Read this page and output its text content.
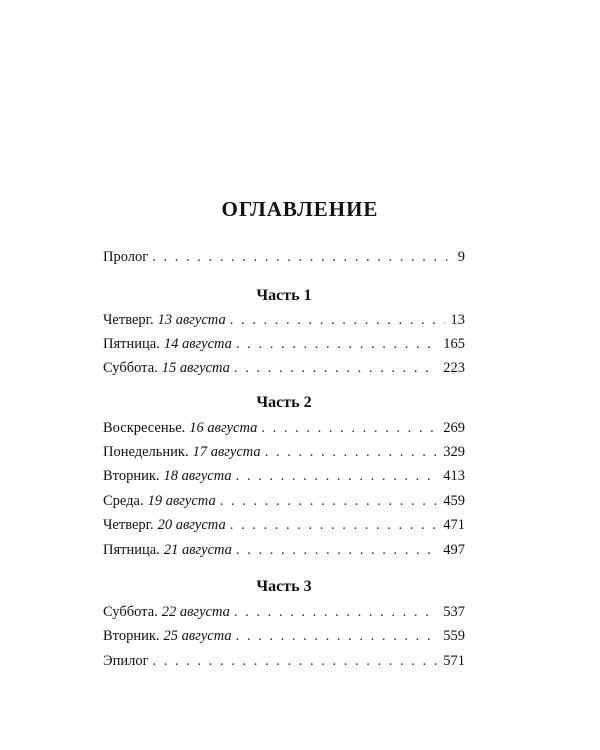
ОГЛАВЛЕНИЕ
Пролог . . .	9
Часть 1
Четверг. 13 августа . . .	13
Пятница. 14 августа . . .	165
Суббота. 15 августа . . .	223
Часть 2
Воскресенье. 16 августа . . .	269
Понедельник. 17 августа . . .	329
Вторник. 18 августа . . .	413
Среда. 19 августа . . .	459
Четверг. 20 августа . . .	471
Пятница. 21 августа . . .	497
Часть 3
Суббота. 22 августа . . .	537
Вторник. 25 августа . . .	559
Эпилог . . .	571
